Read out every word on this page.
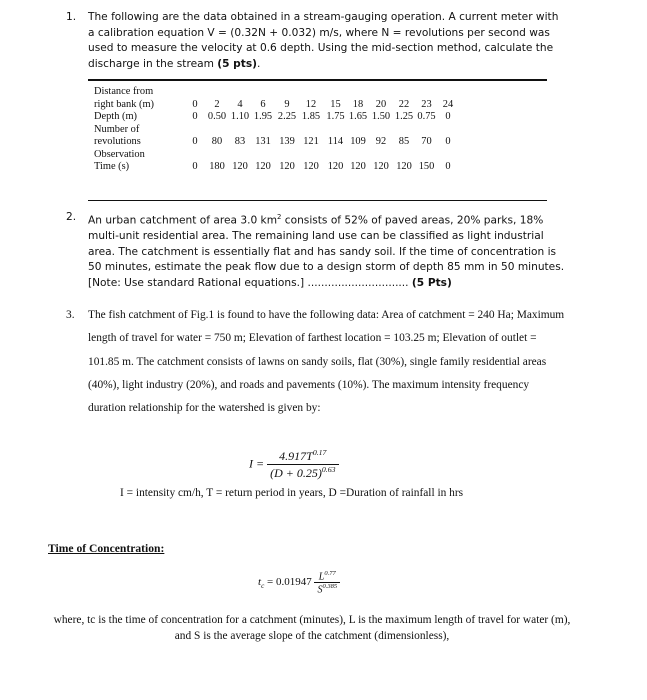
1. The following are the data obtained in a stream-gauging operation. A current meter with a calibration equation V = (0.32N + 0.032) m/s, where N = revolutions per second was used to measure the velocity at 0.6 depth. Using the mid-section method, calculate the discharge in the stream (5 pts).
Distance from												
right bank (m)	0	2	4	6	9	12	15	18	20	22	23	24
Depth (m)	0	0.50	1.10	1.95	2.25	1.85	1.75	1.65	1.50	1.25	0.75	0
Number of												
revolutions	0	80	83	131	139	121	114	109	92	85	70	0
Observation												
Time (s)	0	180	120	120	120	120	120	120	120	120	150	0
2. An urban catchment of area 3.0 $km^2$ consists of 52% of paved areas, 20% parks, 18% multi-unit residential area. The remaining land use can be classified as light industrial area. The catchment is essentially flat and has sandy soil. If the time of concentration is 50 minutes, estimate the peak flow due to a design storm of depth 85 mm in 50 minutes. [Note: Use standard Rational equations.] .............................. (5 Pts)
3. The fish catchment of Fig.1 is found to have the following data: Area of catchment = 240 Ha; Maximum length of travel for water = 750 m; Elevation of farthest location = 103.25 m; Elevation of outlet = 101.85 m. The catchment consists of lawns on sandy soils, flat (30%), single family residential areas (40%), light industry (20%), and roads and pavements (10%). The maximum intensity frequency duration relationship for the watershed is given by:
$I = \frac{4.917T^{0.17}}{(D + 0.25)^{0.63}}$
I = intensity cm/h, T = return period in years, D =Duration of rainfall in hrs
Time of Concentration:
$t_c = 0.01947 \frac{L^{0.77}}{S^{0.385}}$
where, tc is the time of concentration for a catchment (minutes), L is the maximum length of travel for water (m), and S is the average slope of the catchment (dimensionless),
